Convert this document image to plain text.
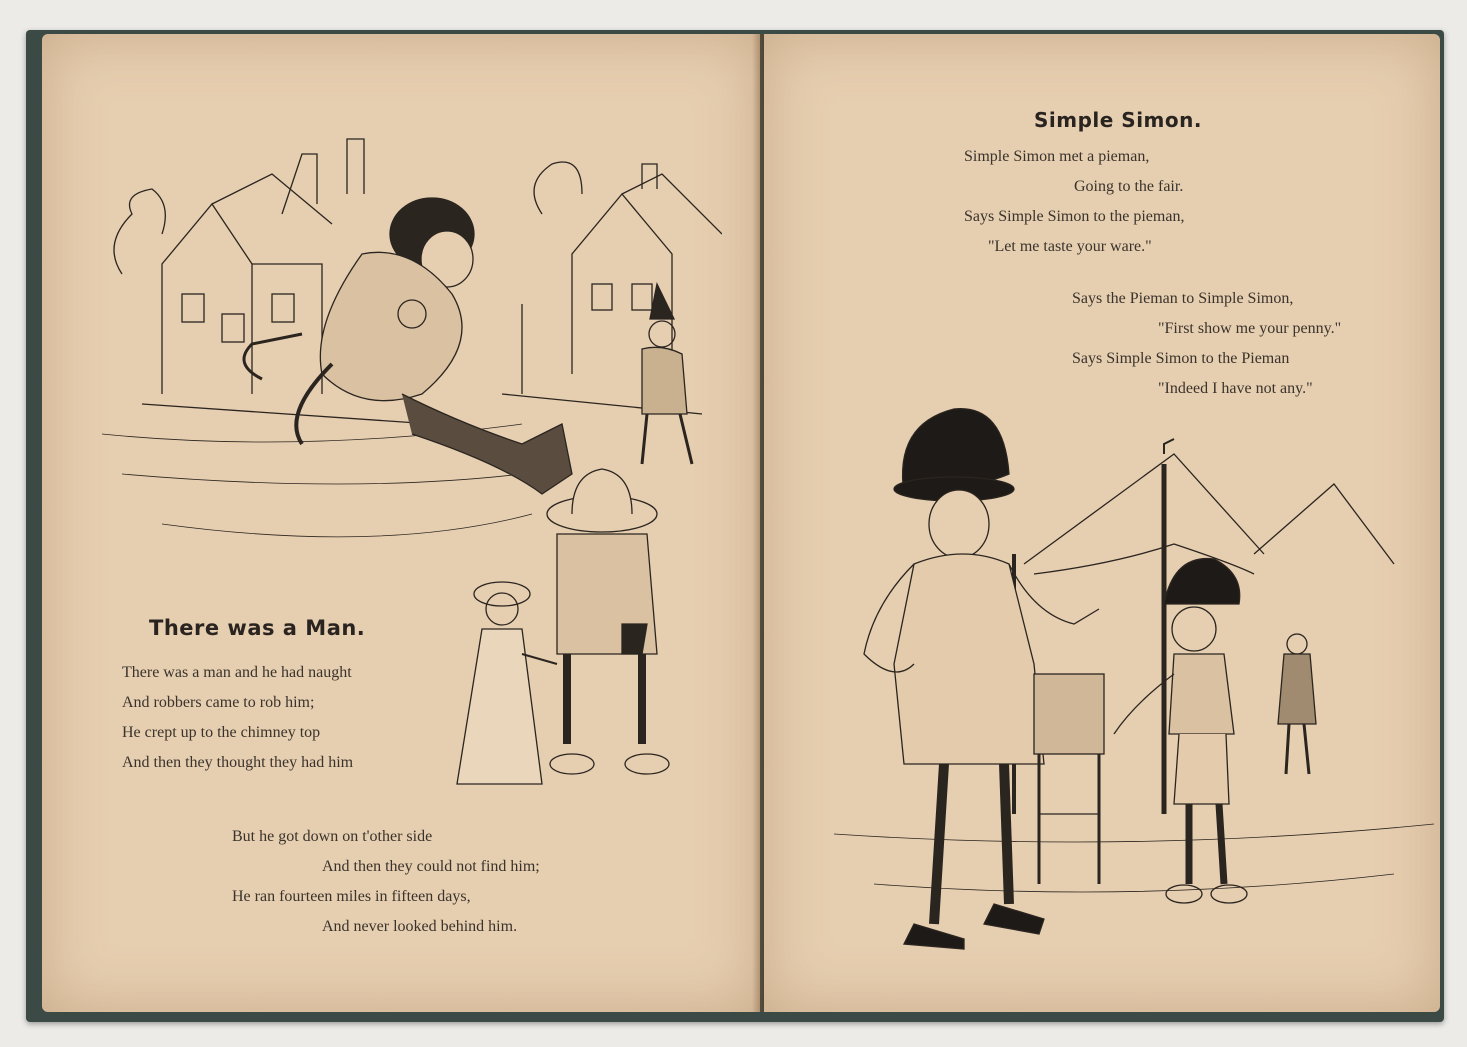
There was a Man.
There was a man and he had naught
And robbers came to rob him;
He crept up to the chimney top
And then they thought they had him
But he got down on t'other side
And then they could not find him;
He ran fourteen miles in fifteen days,
And never looked behind him.
Simple Simon.
Simple Simon met a pieman,
Going to the fair.
Says Simple Simon to the pieman,
"Let me taste your ware."
Says the Pieman to Simple Simon,
"First show me your penny."
Says Simple Simon to the Pieman
"Indeed I have not any."
